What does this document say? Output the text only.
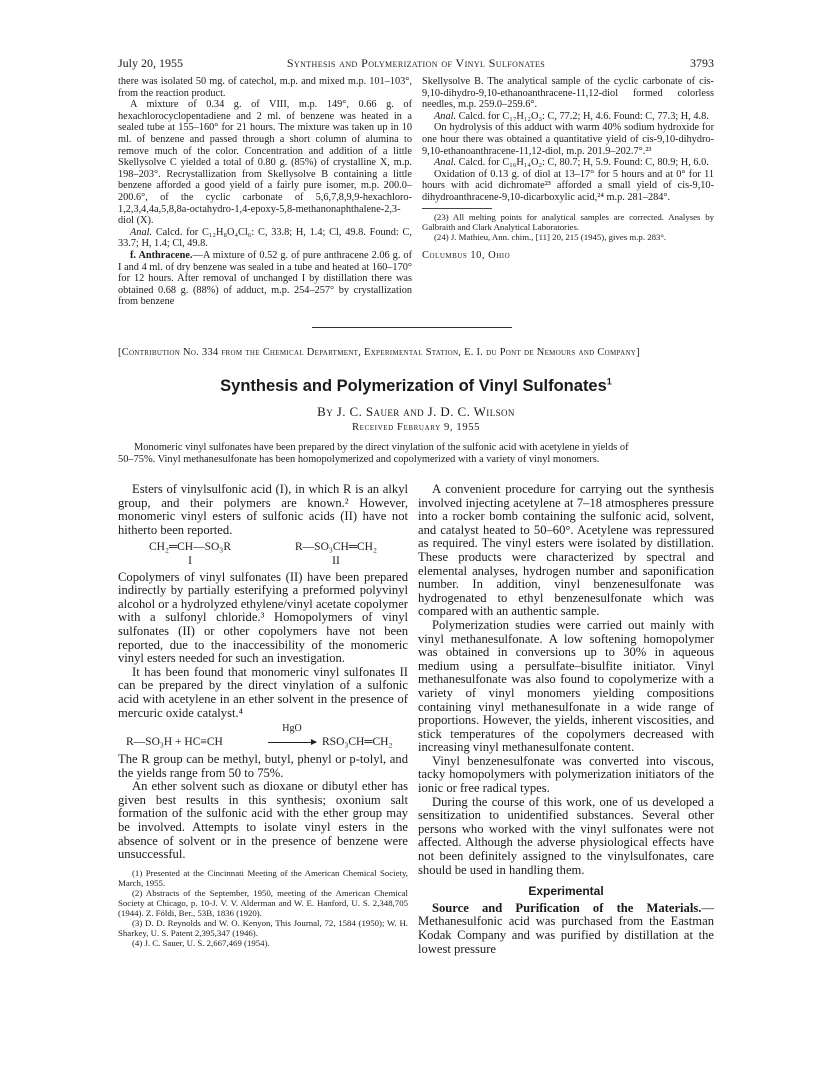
July 20, 1955	Synthesis and Polymerization of Vinyl Sulfonates	3793

there was isolated 50 mg. of catechol, m.p. and mixed m.p. 101–103°, from the reaction product.

A mixture of 0.34 g. of VIII, m.p. 149°, 0.66 g. of hexachlorocyclopentadiene and 2 ml. of benzene was heated in a sealed tube at 155–160° for 21 hours. The mixture was taken up in 10 ml. of benzene and passed through a short column of alumina to remove much of the color. Concentration and addition of a little Skellysolve C yielded a total of 0.80 g. (85%) of crystalline X, m.p. 198–203°. Recrystallization from Skellysolve B containing a little benzene afforded a good yield of a fairly pure isomer, m.p. 200.0–200.6°, of the cyclic carbonate of 5,6,7,8,9,9-hexachloro-1,2,3,4,4a,5,8,8a-octahydro-1,4-epoxy-5,8-methanonaphthalene-2,3-diol (X).

Anal. Calcd. for C₁₂H₈O₄Cl₆: C, 33.8; H, 1.4; Cl, 49.8. Found: C, 33.7; H, 1.4; Cl, 49.8.

f. Anthracene.—A mixture of 0.52 g. of pure anthracene 2.06 g. of I and 4 ml. of dry benzene was sealed in a tube and heated at 160–170° for 12 hours. After removal of unchanged I by distillation there was obtained 0.68 g. (88%) of adduct, m.p. 254–257° by crystallization from benzene

Skellysolve B. The analytical sample of the cyclic carbonate of cis-9,10-dihydro-9,10-ethanoanthracene-11,12-diol formed colorless needles, m.p. 259.0–259.6°.

Anal. Calcd. for C₁₇H₁₂O₃: C, 77.2; H, 4.6. Found: C, 77.3; H, 4.8.

On hydrolysis of this adduct with warm 40% sodium hydroxide for one hour there was obtained a quantitative yield of cis-9,10-dihydro-9,10-ethanoanthracene-11,12-diol, m.p. 201.9–202.7°.²³

Anal. Calcd. for C₁₆H₁₄O₂: C, 80.7; H, 5.9. Found: C, 80.9; H, 6.0.

Oxidation of 0.13 g. of diol at 13–17° for 5 hours and at 0° for 11 hours with acid dichromate²³ afforded a small yield of cis-9,10-dihydroanthracene-9,10-dicarboxylic acid,²⁴ m.p. 281–284°.

(23) All melting points for analytical samples are corrected. Analyses by Galbraith and Clark Analytical Laboratories.

(24) J. Mathieu, Ann. chim., [11] 20, 215 (1945), gives m.p. 283°.

Columbus 10, Ohio
[Contribution No. 334 from the Chemical Department, Experimental Station, E. I. du Pont de Nemours and Company]
Synthesis and Polymerization of Vinyl Sulfonates$^1$
By J. C. Sauer and J. D. C. Wilson
Received February 9, 1955
Monomeric vinyl sulfonates have been prepared by the direct vinylation of the sulfonic acid with acetylene in yields of
50–75%. Vinyl methanesulfonate has been homopolymerized and copolymerized with a variety of vinyl monomers.

Esters of vinylsulfonic acid (I), in which R is an alkyl group, and their polymers are known.² However, monomeric vinyl esters of sulfonic acids (II) have not hitherto been reported.

CH₂═CH—SO₃R	R—SO₃CH═CH₂
I	II

Copolymers of vinyl sulfonates (II) have been prepared indirectly by partially esterifying a preformed polyvinyl alcohol or a hydrolyzed ethylene/vinyl acetate copolymer with a sulfonyl chloride.³ Homopolymers of vinyl sulfonates (II) or other copolymers have not been reported, due to the inaccessibility of the monomeric vinyl esters needed for such an investigation.

It has been found that monomeric vinyl sulfonates II can be prepared by the direct vinylation of a sulfonic acid with acetylene in an ether solvent in the presence of mercuric oxide catalyst.⁴

R—SO₃H + HC≡CH
HgO
RSO₃CH═CH₂

The R group can be methyl, butyl, phenyl or p-tolyl, and the yields range from 50 to 75%.

An ether solvent such as dioxane or dibutyl ether has given best results in this synthesis; oxonium salt formation of the sulfonic acid with the ether group may be involved. Attempts to isolate vinyl esters in the absence of solvent or in the presence of benzene were unsuccessful.

(1) Presented at the Cincinnati Meeting of the American Chemical Society, March, 1955.

(2) Abstracts of the September, 1950, meeting of the American Chemical Society at Chicago, p. 10-J. V. V. Alderman and W. E. Hanford, U. S. 2,348,705 (1944). Z. Földi, Ber., 53B, 1836 (1920).

(3) D. D. Reynolds and W. O. Kenyon, This Journal, 72, 1584 (1950); W. H. Sharkey, U. S. Patent 2,395,347 (1946).

(4) J. C. Sauer, U. S. 2,667,469 (1954).

A convenient procedure for carrying out the synthesis involved injecting acetylene at 7–18 atmospheres pressure into a rocker bomb containing the sulfonic acid, solvent, and catalyst heated to 50–60°. Acetylene was repressured as required. The vinyl esters were isolated by distillation. These products were characterized by spectral and elemental analyses, hydrogen number and saponification number. In addition, vinyl benzenesulfonate was hydrogenated to ethyl benzenesulfonate which was compared with an authentic sample.

Polymerization studies were carried out mainly with vinyl methanesulfonate. A low softening homopolymer was obtained in conversions up to 30% in aqueous medium using a persulfate–bisulfite initiator. Vinyl methanesulfonate was also found to copolymerize with a variety of vinyl monomers yielding compositions containing vinyl methanesulfonate in a wide range of proportions. However, the yields, inherent viscosities, and stick temperatures of the copolymers decreased with increasing vinyl methanesulfonate content.

Vinyl benzenesulfonate was converted into viscous, tacky homopolymers with polymerization initiators of the ionic or free radical types.

During the course of this work, one of us developed a sensitization to unidentified substances. Several other persons who worked with the vinyl sulfonates were not affected. Although the adverse physiological effects have not been definitely assigned to the vinylsulfonates, care should be used in handling them.

Experimental

Source and Purification of the Materials.—Methanesulfonic acid was purchased from the Eastman Kodak Company and was purified by distillation at the lowest pressure
